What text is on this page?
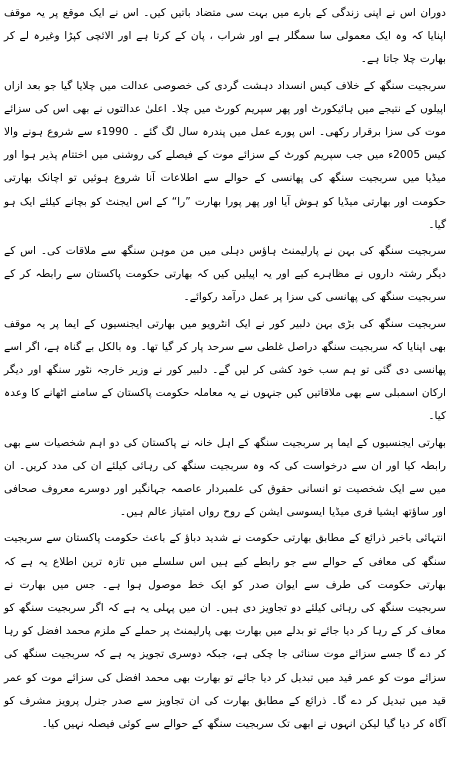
دوران اس نے اپنی زندگی کے بارے میں بہت سی متضاد باتیں کیں۔ اس نے ایک موقع پر یہ موقف اپنایا کہ وہ ایک معمولی سا سمگلر ہے اور شراب ، پان کے کرتا ہے اور الائچی کپڑا وغیرہ لے کر بھارت چلا جاتا ہے۔

سربجیت سنگھ کے خلاف کیس انسداد دہشت گردی کی خصوصی عدالت میں چلایا گیا جو بعد ازاں اپیلوں کے نتیجے میں ہائیکورٹ اور پھر سپریم کورٹ میں چلا۔ اعلیٰ عدالتوں نے بھی اس کی سزائے موت کی سزا برقرار رکھی۔ اس پورے عمل میں پندرہ سال لگ گئے ۔ 1990ء سے شروع ہونے والا کیس 2005ء میں جب سپریم کورٹ کے سزائے موت کے فیصلے کی روشنی میں اختتام پذیر ہوا اور میڈیا میں سربجیت سنگھ کی پھانسی کے حوالے سے اطلاعات آنا شروع ہوئیں تو اچانک بھارتی حکومت اور بھارتی میڈیا کو ہوش آیا اور پھر پورا بھارت ”را“ کے اس ایجنٹ کو بچانے کیلئے ایک ہو گیا۔

سربجیت سنگھ کی بہن نے پارلیمنٹ ہاؤس دہلی میں من موہن سنگھ سے ملاقات کی۔ اس کے دیگر رشتہ داروں نے مظاہرے کیے اور یہ اپیلیں کیں کہ بھارتی حکومت پاکستان سے رابطہ کر کے سربجیت سنگھ کی پھانسی کی سزا پر عمل درآمد رکوائے۔

سربجیت سنگھ کی بڑی بہن دلبیر کور نے ایک انٹرویو میں بھارتی ایجنسیوں کے ایما پر یہ موقف بھی اپنایا کہ سربجیت سنگھ دراصل غلطی سے سرحد پار کر گیا تھا۔ وہ بالکل بے گناہ ہے، اگر اسے پھانسی دی گئی تو ہم سب خود کشی کر لیں گے۔ دلبیر کور نے وزیر خارجہ نٹور سنگھ اور دیگر ارکان اسمبلی سے بھی ملاقاتیں کیں جنہوں نے یہ معاملہ حکومت پاکستان کے سامنے اٹھانے کا وعدہ کیا۔

بھارتی ایجنسیوں کے ایما پر سربجیت سنگھ کے اہل خانہ نے پاکستان کی دو اہم شخصیات سے بھی رابطہ کیا اور ان سے درخواست کی کہ وہ سربجیت سنگھ کی رہائی کیلئے ان کی مدد کریں۔ ان میں سے ایک شخصیت تو انسانی حقوق کی علمبردار عاصمہ جہانگیر اور دوسرے معروف صحافی اور ساؤتھ ایشیا فری میڈیا ایسوسی ایشن کے روح رواں امتیاز عالم ہیں۔

انتہائی باخبر ذرائع کے مطابق بھارتی حکومت نے شدید دباؤ کے باعث حکومت پاکستان سے سربجیت سنگھ کی معافی کے حوالے سے جو رابطے کیے ہیں اس سلسلے میں تازہ ترین اطلاع یہ ہے کہ بھارتی حکومت کی طرف سے ایوان صدر کو ایک خط موصول ہوا ہے۔ جس میں بھارت نے سربجیت سنگھ کی رہائی کیلئے دو تجاویز دی ہیں۔ ان میں پہلی یہ ہے کہ اگر سربجیت سنگھ کو معاف کر کے رہا کر دیا جائے تو بدلے میں بھارت بھی پارلیمنٹ پر حملے کے ملزم محمد افضل کو رہا کر دے گا جسے سزائے موت سنائی جا چکی ہے، جبکہ دوسری تجویز یہ ہے کہ سربجیت سنگھ کی سزائے موت کو عمر قید میں تبدیل کر دیا جائے تو بھارت بھی محمد افضل کی سزائے موت کو عمر قید میں تبدیل کر دے گا۔ ذرائع کے مطابق بھارت کی ان تجاویز سے صدر جنرل پرویز مشرف کو آگاہ کر دیا گیا لیکن انہوں نے ابھی تک سربجیت سنگھ کے حوالے سے کوئی فیصلہ نہیں کیا۔
